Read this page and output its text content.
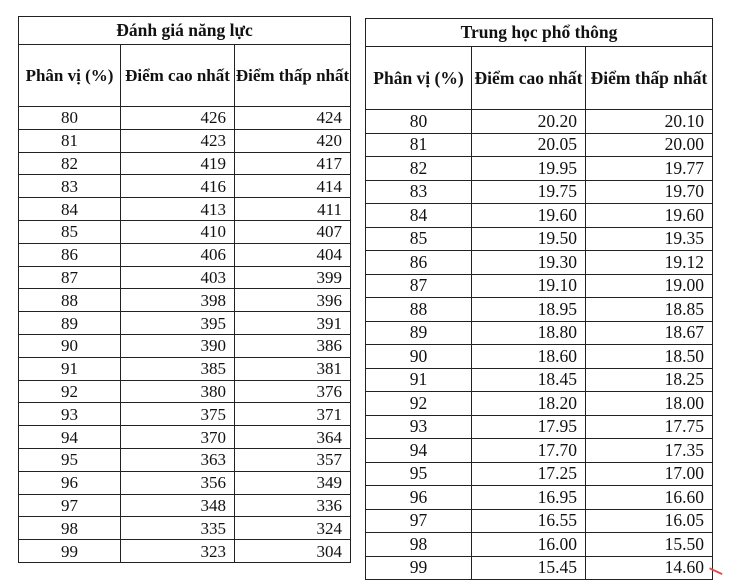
Đánh giá năng lực		
Phân vị (%)	Điểm cao nhất	Điểm thấp nhất
80	426	424
81	423	420
82	419	417
83	416	414
84	413	411
85	410	407
86	406	404
87	403	399
88	398	396
89	395	391
90	390	386
91	385	381
92	380	376
93	375	371
94	370	364
95	363	357
96	356	349
97	348	336
98	335	324
99	323	304
Trung học phổ thông		
Phân vị (%)	Điểm cao nhất	Điểm thấp nhất
80	20.20	20.10
81	20.05	20.00
82	19.95	19.77
83	19.75	19.70
84	19.60	19.60
85	19.50	19.35
86	19.30	19.12
87	19.10	19.00
88	18.95	18.85
89	18.80	18.67
90	18.60	18.50
91	18.45	18.25
92	18.20	18.00
93	17.95	17.75
94	17.70	17.35
95	17.25	17.00
96	16.95	16.60
97	16.55	16.05
98	16.00	15.50
99	15.45	14.60
